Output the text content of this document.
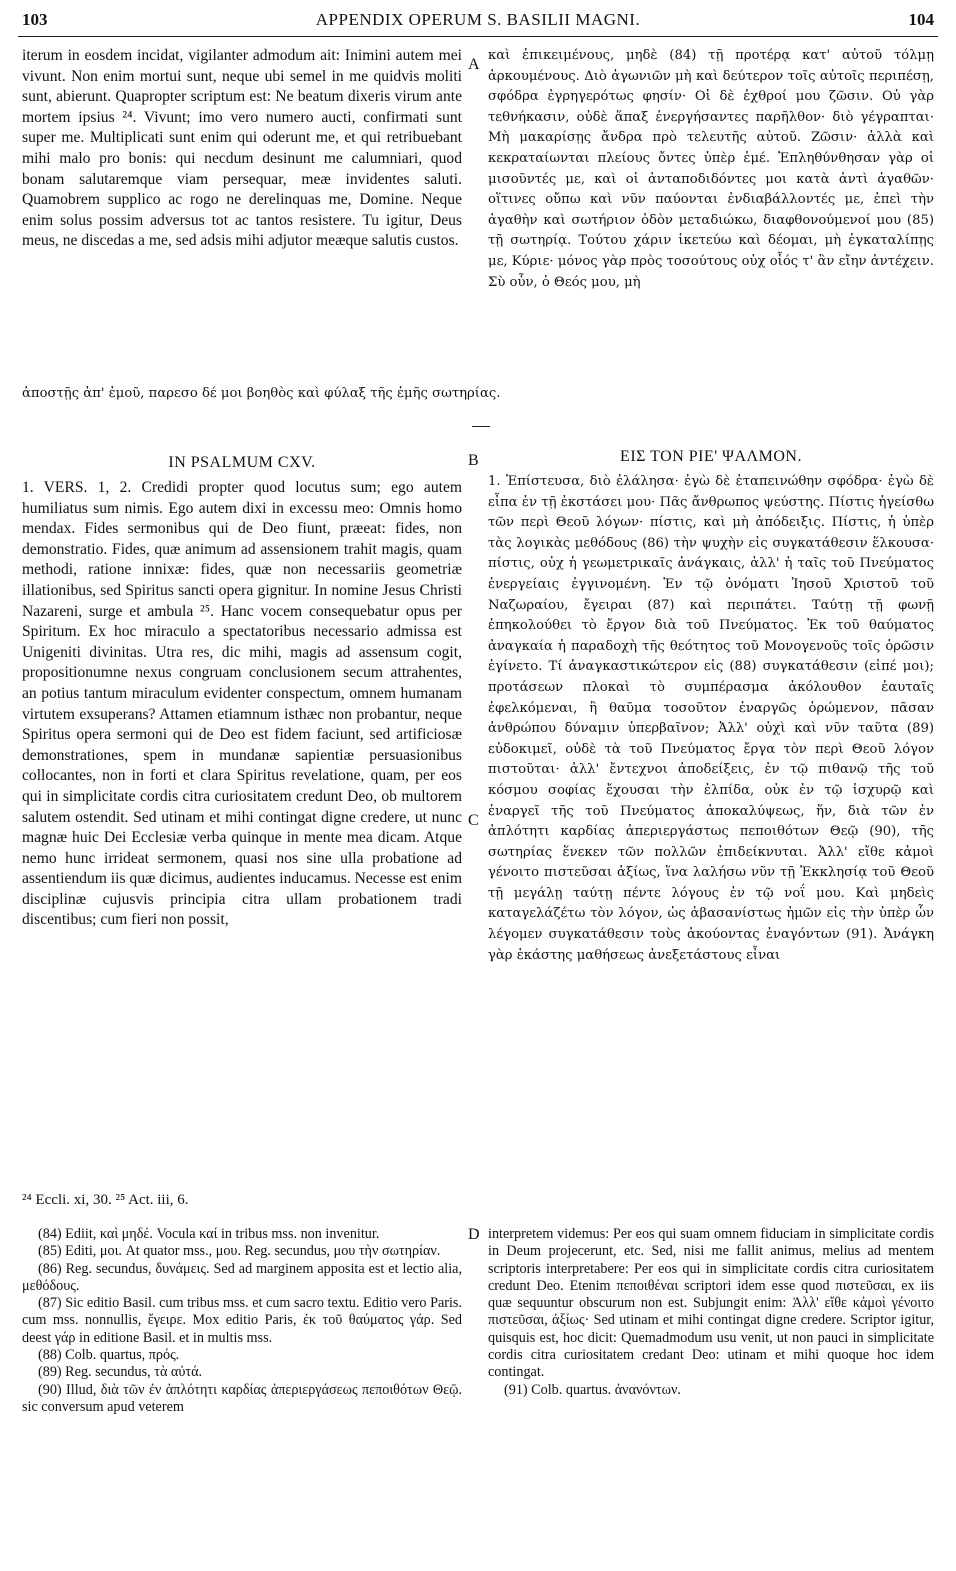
103	APPENDIX OPERUM S. BASILII MAGNI.	104

iterum in eosdem incidat, vigilanter admodum ait: Inimini autem mei vivunt. Non enim mortui sunt, neque ubi semel in me quidvis moliti sunt, abierunt. Quapropter scriptum est: Ne beatum dixeris virum ante mortem ipsius ²⁴. Vivunt; imo vero numero aucti, confirmati sunt super me. Multiplicati sunt enim qui oderunt me, et qui retribuebant mihi malo pro bonis: qui necdum desinunt me calumniari, quod bonam salutaremque viam persequar, meæ invidentes saluti. Quamobrem supplico ac rogo ne derelinquas me, Domine. Neque enim solus possim adversus tot ac tantos resistere. Tu igitur, Deus meus, ne discedas a me, sed adsis mihi adjutor meæque salutis custos.

A

καὶ ἐπικειμένους, μηδὲ (84) τῇ προτέρᾳ κατ' αὐτοῦ τόλμῃ ἀρκουμένους. Διὸ ἀγωνιῶν μὴ καὶ δεύτερον τοῖς αὐτοῖς περιπέσῃ, σφόδρα ἐγρηγερότως φησίν· Οἱ δὲ ἐχθροί μου ζῶσιν. Οὐ γὰρ τεθνήκασιν, οὐδὲ ἅπαξ ἐνεργήσαντες παρῆλθον· διὸ γέγραπται· Μὴ μακαρίσῃς ἄνδρα πρὸ τελευτῆς αὐτοῦ. Ζῶσιν· ἀλλὰ καὶ κεκραταίωνται πλείους ὄντες ὑπὲρ ἐμέ. Ἐπληθύνθησαν γὰρ οἱ μισοῦντές με, καὶ οἱ ἀνταποδιδόντες μοι κατὰ ἀντὶ ἀγαθῶν· οἵτινες οὔπω καὶ νῦν παύονται ἐνδιαβάλλοντές με, ἐπεὶ τὴν ἀγαθὴν καὶ σωτήριον ὁδὸν μεταδιώκω, διαφθονούμενοί μου (85) τῇ σωτηρίᾳ. Τούτου χάριν ἱκετεύω καὶ δέομαι, μὴ ἐγκαταλίπῃς με, Κύριε· μόνος γὰρ πρὸς τοσούτους οὐχ οἷός τ' ἂν εἴην ἀντέχειν. Σὺ οὖν, ὁ Θεός μου, μὴ

ἀποστῇς ἀπ' ἐμοῦ, παρεσο δέ μοι βοηθὸς καὶ φύλαξ τῆς ἐμῆς σωτηρίας.
IN PSALMUM CXV.	B	ΕΙΣ ΤΟΝ ΡΙΕ' ΨΑΛΜΟΝ.

1. VERS. 1, 2. Credidi propter quod locutus sum; ego autem humiliatus sum nimis. Ego autem dixi in excessu meo: Omnis homo mendax. Fides sermonibus qui de Deo fiunt, præeat: fides, non demonstratio. Fides, quæ animum ad assensionem trahit magis, quam methodi, ratione innixæ: fides, quæ non necessariis geometriæ illationibus, sed Spiritus sancti opera gignitur. In nomine Jesus Christi Nazareni, surge et ambula ²⁵. Hanc vocem consequebatur opus per Spiritum. Ex hoc miraculo a spectatoribus necessario admissa est Unigeniti divinitas. Utra res, dic mihi, magis ad assensum cogit, propositionumne nexus congruam conclusionem secum attrahentes, an potius tantum miraculum evidenter conspectum, omnem humanam virtutem exsuperans? Attamen etiamnum isthæc non probantur, neque Spiritus opera sermoni qui de Deo est fidem faciunt, sed artificiosæ demonstrationes, spem in mundanæ sapientiæ persuasionibus collocantes, non in forti et clara Spiritus revelatione, quam, per eos qui in simplicitate cordis citra curiositatem credunt Deo, ob multorem salutem ostendit. Sed utinam et mihi contingat digne credere, ut nunc magnæ huic Dei Ecclesiæ verba quinque in mente mea dicam. Atque nemo hunc irrideat sermonem, quasi nos sine ulla probatione ad assentiendum iis quæ dicimus, audientes inducamus. Necesse est enim disciplinæ cujusvis principia citra ullam probationem tradi discentibus; cum fieri non possit,

C

1. Ἐπίστευσα, διὸ ἐλάλησα· ἐγὼ δὲ ἐταπεινώθην σφόδρα· ἐγὼ δὲ εἶπα ἐν τῇ ἐκστάσει μου· Πᾶς ἄνθρωπος ψεύστης. Πίστις ἡγείσθω τῶν περὶ Θεοῦ λόγων· πίστις, καὶ μὴ ἀπόδειξις. Πίστις, ἡ ὑπὲρ τὰς λογικὰς μεθόδους (86) τὴν ψυχὴν εἰς συγκατάθεσιν ἕλκουσα· πίστις, οὐχ ἡ γεωμετρικαῖς ἀνάγκαις, ἀλλ' ἡ ταῖς τοῦ Πνεύματος ἐνεργείαις ἐγγινομένη. Ἐν τῷ ὀνόματι Ἰησοῦ Χριστοῦ τοῦ Ναζωραίου, ἔγειραι (87) καὶ περιπάτει. Ταύτῃ τῇ φωνῇ ἐπηκολούθει τὸ ἔργον διὰ τοῦ Πνεύματος. Ἐκ τοῦ θαύματος ἀναγκαία ἡ παραδοχὴ τῆς θεότητος τοῦ Μονογενοῦς τοῖς ὁρῶσιν ἐγίνετο. Τί ἀναγκαστικώτερον εἰς (88) συγκατάθεσιν (εἰπέ μοι); προτάσεων πλοκαὶ τὸ συμπέρασμα ἀκόλουθον ἑαυταῖς ἐφελκόμεναι, ἢ θαῦμα τοσοῦτον ἐναργῶς ὁρώμενον, πᾶσαν ἀνθρώπου δύναμιν ὑπερβαῖνον; Ἀλλ' οὐχὶ καὶ νῦν ταῦτα (89) εὐδοκιμεῖ, οὐδὲ τὰ τοῦ Πνεύματος ἔργα τὸν περὶ Θεοῦ λόγον πιστοῦται· ἀλλ' ἔντεχνοι ἀποδείξεις, ἐν τῷ πιθανῷ τῆς τοῦ κόσμου σοφίας ἔχουσαι τὴν ἐλπίδα, οὐκ ἐν τῷ ἰσχυρῷ καὶ ἐναργεῖ τῆς τοῦ Πνεύματος ἀποκαλύψεως, ἥν, διὰ τῶν ἐν ἁπλότητι καρδίας ἀπεριεργάστως πεποιθότων Θεῷ (90), τῆς σωτηρίας ἕνεκεν τῶν πολλῶν ἐπιδείκνυται. Ἀλλ' εἴθε κἀμοὶ γένοιτο πιστεῦσαι ἀξίως, ἵνα λαλήσω νῦν τῇ Ἐκκλησίᾳ τοῦ Θεοῦ τῇ μεγάλῃ ταύτῃ πέντε λόγους ἐν τῷ νοΐ μου. Καὶ μηδεὶς καταγελάζέτω τὸν λόγον, ὡς ἀβασανίστως ἡμῶν εἰς τὴν ὑπὲρ ὧν λέγομεν συγκατάθεσιν τοὺς ἀκούοντας ἐναγόντων (91). Ἀνάγκη γὰρ ἑκάστης μαθήσεως ἀνεξετάστους εἶναι

²⁴ Eccli. xi, 30. ²⁵ Act. iii, 6.

(84) Ediit, καὶ μηδέ. Vocula καί in tribus mss. non invenitur.

(85) Editi, μοι. At quator mss., μου. Reg. secundus, μου τὴν σωτηρίαν.

(86) Reg. secundus, δυνάμεις. Sed ad marginem apposita est et lectio alia, μεθόδους.

(87) Sic editio Basil. cum tribus mss. et cum sacro textu. Editio vero Paris. cum mss. nonnullis, ἔγειρε. Mox editio Paris, ἐκ τοῦ θαύματος γάρ. Sed deest γάρ in editione Basil. et in multis mss.

(88) Colb. quartus, πρός.

(89) Reg. secundus, τὰ αὐτά.

(90) Illud, διὰ τῶν ἐν ἁπλότητι καρδίας ἀπεριεργάσεως πεποιθότων Θεῷ. sic conversum apud veterem

D interpretem videmus: Per eos qui suam omnem fiduciam in simplicitate cordis in Deum projecerunt, etc. Sed, nisi me fallit animus, melius ad mentem scriptoris interpretabere: Per eos qui in simplicitate cordis citra curiositatem credunt Deo. Etenim πεποιθέναι scriptori idem esse quod πιστεῦσαι, ex iis quæ sequuntur obscurum non est. Subjungit enim: Ἀλλ' εἴθε κἀμοὶ γένοιτο πιστεῦσαι, ἀξίως· Sed utinam et mihi contingat digne credere. Scriptor igitur, quisquis est, hoc dicit: Quemadmodum usu venit, ut non pauci in simplicitate cordis citra curiositatem credant Deo: utinam et mihi quoque hoc idem contingat.

(91) Colb. quartus. ἀνανόντων.
